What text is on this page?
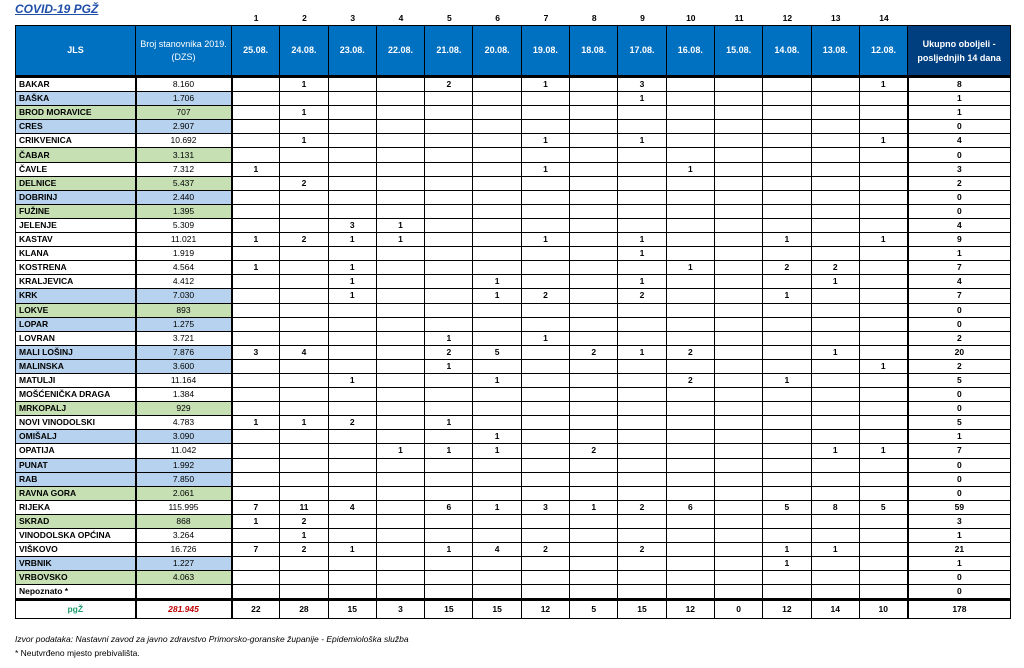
COVID-19 PGŽ
1	2	3	4	5	6	7	8	9	10	11	12	13	14
JLS	Broj stanovnika 2019. (DZS)	25.08.	24.08.	23.08.	22.08.	21.08.	20.08.	19.08.	18.08.	17.08.	16.08.	15.08.	14.08.	13.08.	12.08.	Ukupno oboljeli - posljednjih 14 dana
BAKAR	8.160		1			2		1		3					1	8
BAŠKA	1.706									1						1
BROD MORAVICE	707		1													1
CRES	2.907															0
CRIKVENICA	10.692		1					1		1					1	4
ČABAR	3.131															0
ČAVLE	7.312	1						1			1					3
DELNICE	5.437		2													2
DOBRINJ	2.440															0
FUŽINE	1.395															0
JELENJE	5.309			3	1											4
KASTAV	11.021	1	2	1	1			1		1			1		1	9
KLANA	1.919									1						1
KOSTRENA	4.564	1		1							1		2	2		7
KRALJEVICA	4.412			1			1			1				1		4
KRK	7.030			1			1	2		2			1			7
LOKVE	893															0
LOPAR	1.275															0
LOVRAN	3.721					1		1								2
MALI LOŠINJ	7.876	3	4			2	5		2	1	2			1		20
MALINSKA	3.600					1									1	2
MATULJI	11.164			1			1				2		1			5
MOŠĆENIČKA DRAGA	1.384															0
MRKOPALJ	929															0
NOVI VINODOLSKI	4.783	1	1	2		1										5
OMIŠALJ	3.090						1									1
OPATIJA	11.042				1	1	1		2					1	1	7
PUNAT	1.992															0
RAB	7.850															0
RAVNA GORA	2.061															0
RIJEKA	115.995	7	11	4		6	1	3	1	2	6		5	8	5	59
SKRAD	868	1	2													3
VINODOLSKA OPĆINA	3.264		1													1
VIŠKOVO	16.726	7	2	1		1	4	2		2			1	1		21
VRBNIK	1.227												1			1
VRBOVSKO	4.063															0
Nepoznato *																0
pgŽ	281.945	22	28	15	3	15	15	12	5	15	12	0	12	14	10	178
Izvor podataka: Nastavni zavod za javno zdravstvo Primorsko-goranske županije - Epidemiološka služba
* Neutvrđeno mjesto prebivališta.
